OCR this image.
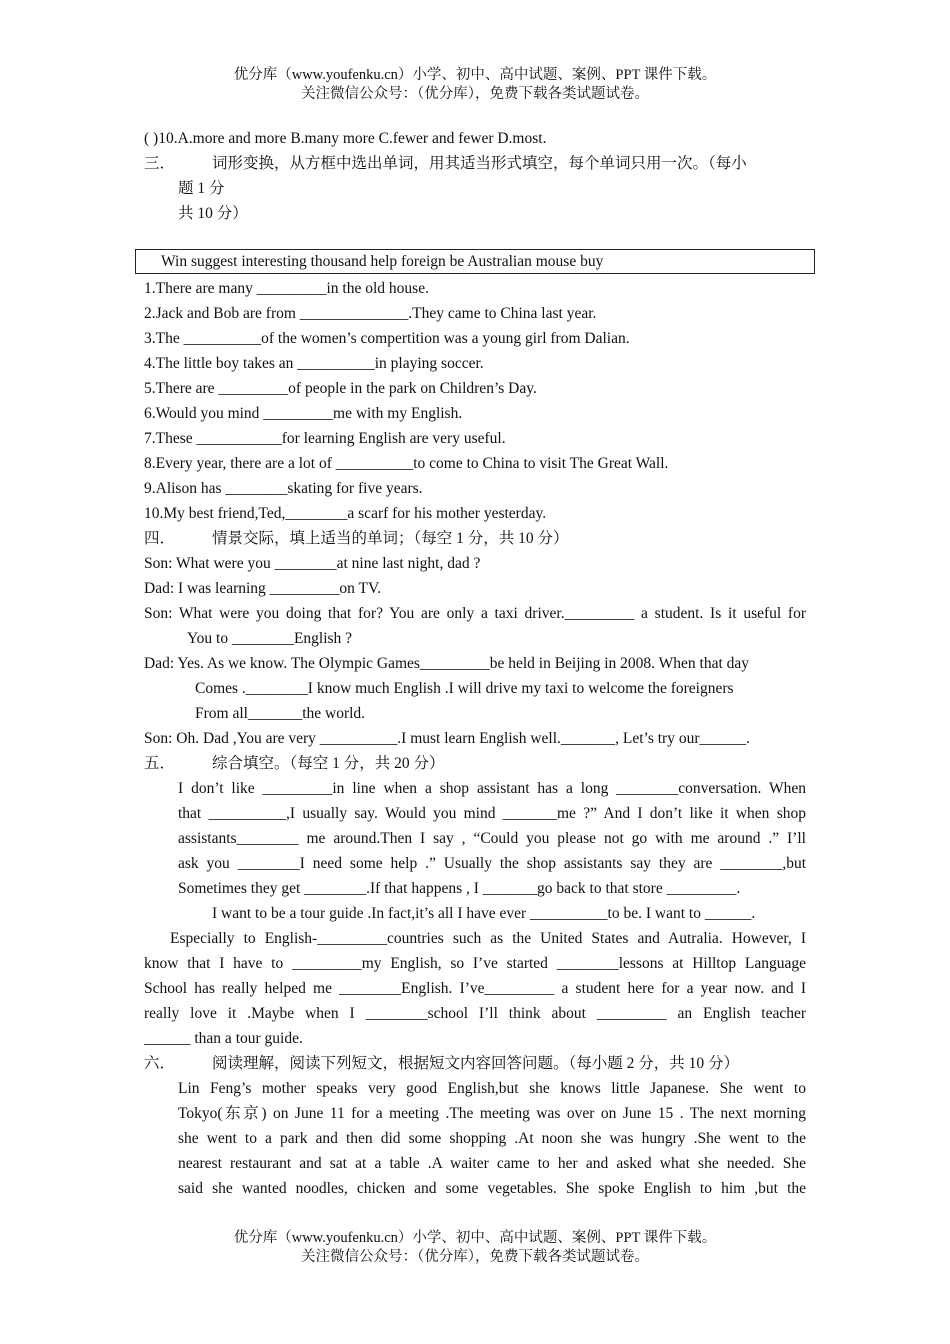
优分库（www.youfenku.cn）小学、初中、高中试题、案例、PPT 课件下载。
关注微信公众号：（优分库），免费下载各类试题试卷。
Win suggest interesting thousand help foreign be Australian mouse buy
( )10.A.more and more B.many more C.fewer and fewer D.most.
三．	词形变换，从方框中选出单词，用其适当形式填空，每个单词只用一次。（每小
题 1 分
共 10 分）
1.There are many _________in the old house.
2.Jack and Bob are from ______________.They came to China last year.
3.The __________of the women’s compertition was a young girl from Dalian.
4.The little boy takes an __________in playing soccer.
5.There are _________of people in the park on Children’s Day.
6.Would you mind _________me with my English.
7.These ___________for learning English are very useful.
8.Every year, there are a lot of __________to come to China to visit The Great Wall.
9.Alison has ________skating for five years.
10.My best friend,Ted,________a scarf for his mother yesterday.
四．	情景交际，填上适当的单词；（每空 1 分，共 10 分）
Son: What were you ________at nine last night, dad ?
Dad: I was learning _________on TV.
Son: What were you doing that for? You are only a taxi driver._________ a student. Is it useful for
You to ________English ?
Dad: Yes. As we know. The Olympic Games_________be held in Beijing in 2008. When that day
Comes .________I know much English .I will drive my taxi to welcome the foreigners
From all_______the world.
Son: Oh. Dad ,You are very __________.I must learn English well._______, Let’s try our______.
五．	综合填空。（每空 1 分，共 20 分）
I don’t like _________in line when a shop assistant has a long ________conversation. When
that __________,I usually say. Would you mind _______me ?” And I don’t like it when shop
assistants________ me around.Then I say , “Could you please not go with me around .” I’ll
ask you ________I need some help .” Usually the shop assistants say they are ________,but
Sometimes they get ________.If that happens , I _______go back to that store _________.
I want to be a tour guide .In fact,it’s all I have ever __________to be. I want to ______.
Especially to English-_________countries such as the United States and Autralia. However, I
know that I have to _________my English, so I’ve started ________lessons at Hilltop Language
School has really helped me ________English. I’ve_________ a student here for a year now. and I
really love it .Maybe when I ________school I’ll think about _________ an English teacher
______ than a tour guide.
六．	阅读理解，阅读下列短文，根据短文内容回答问题。（每小题 2 分，共 10 分）
Lin Feng’s mother speaks very good English,but she knows little Japanese. She went to
Tokyo(东京) on June 11 for a meeting .The meeting was over on June 15 . The next morning
she went to a park and then did some shopping .At noon she was hungry .She went to the
nearest restaurant and sat at a table .A waiter came to her and asked what she needed. She
said she wanted noodles, chicken and some vegetables. She spoke English to him ,but the
优分库（www.youfenku.cn）小学、初中、高中试题、案例、PPT 课件下载。
关注微信公众号：（优分库），免费下载各类试题试卷。
